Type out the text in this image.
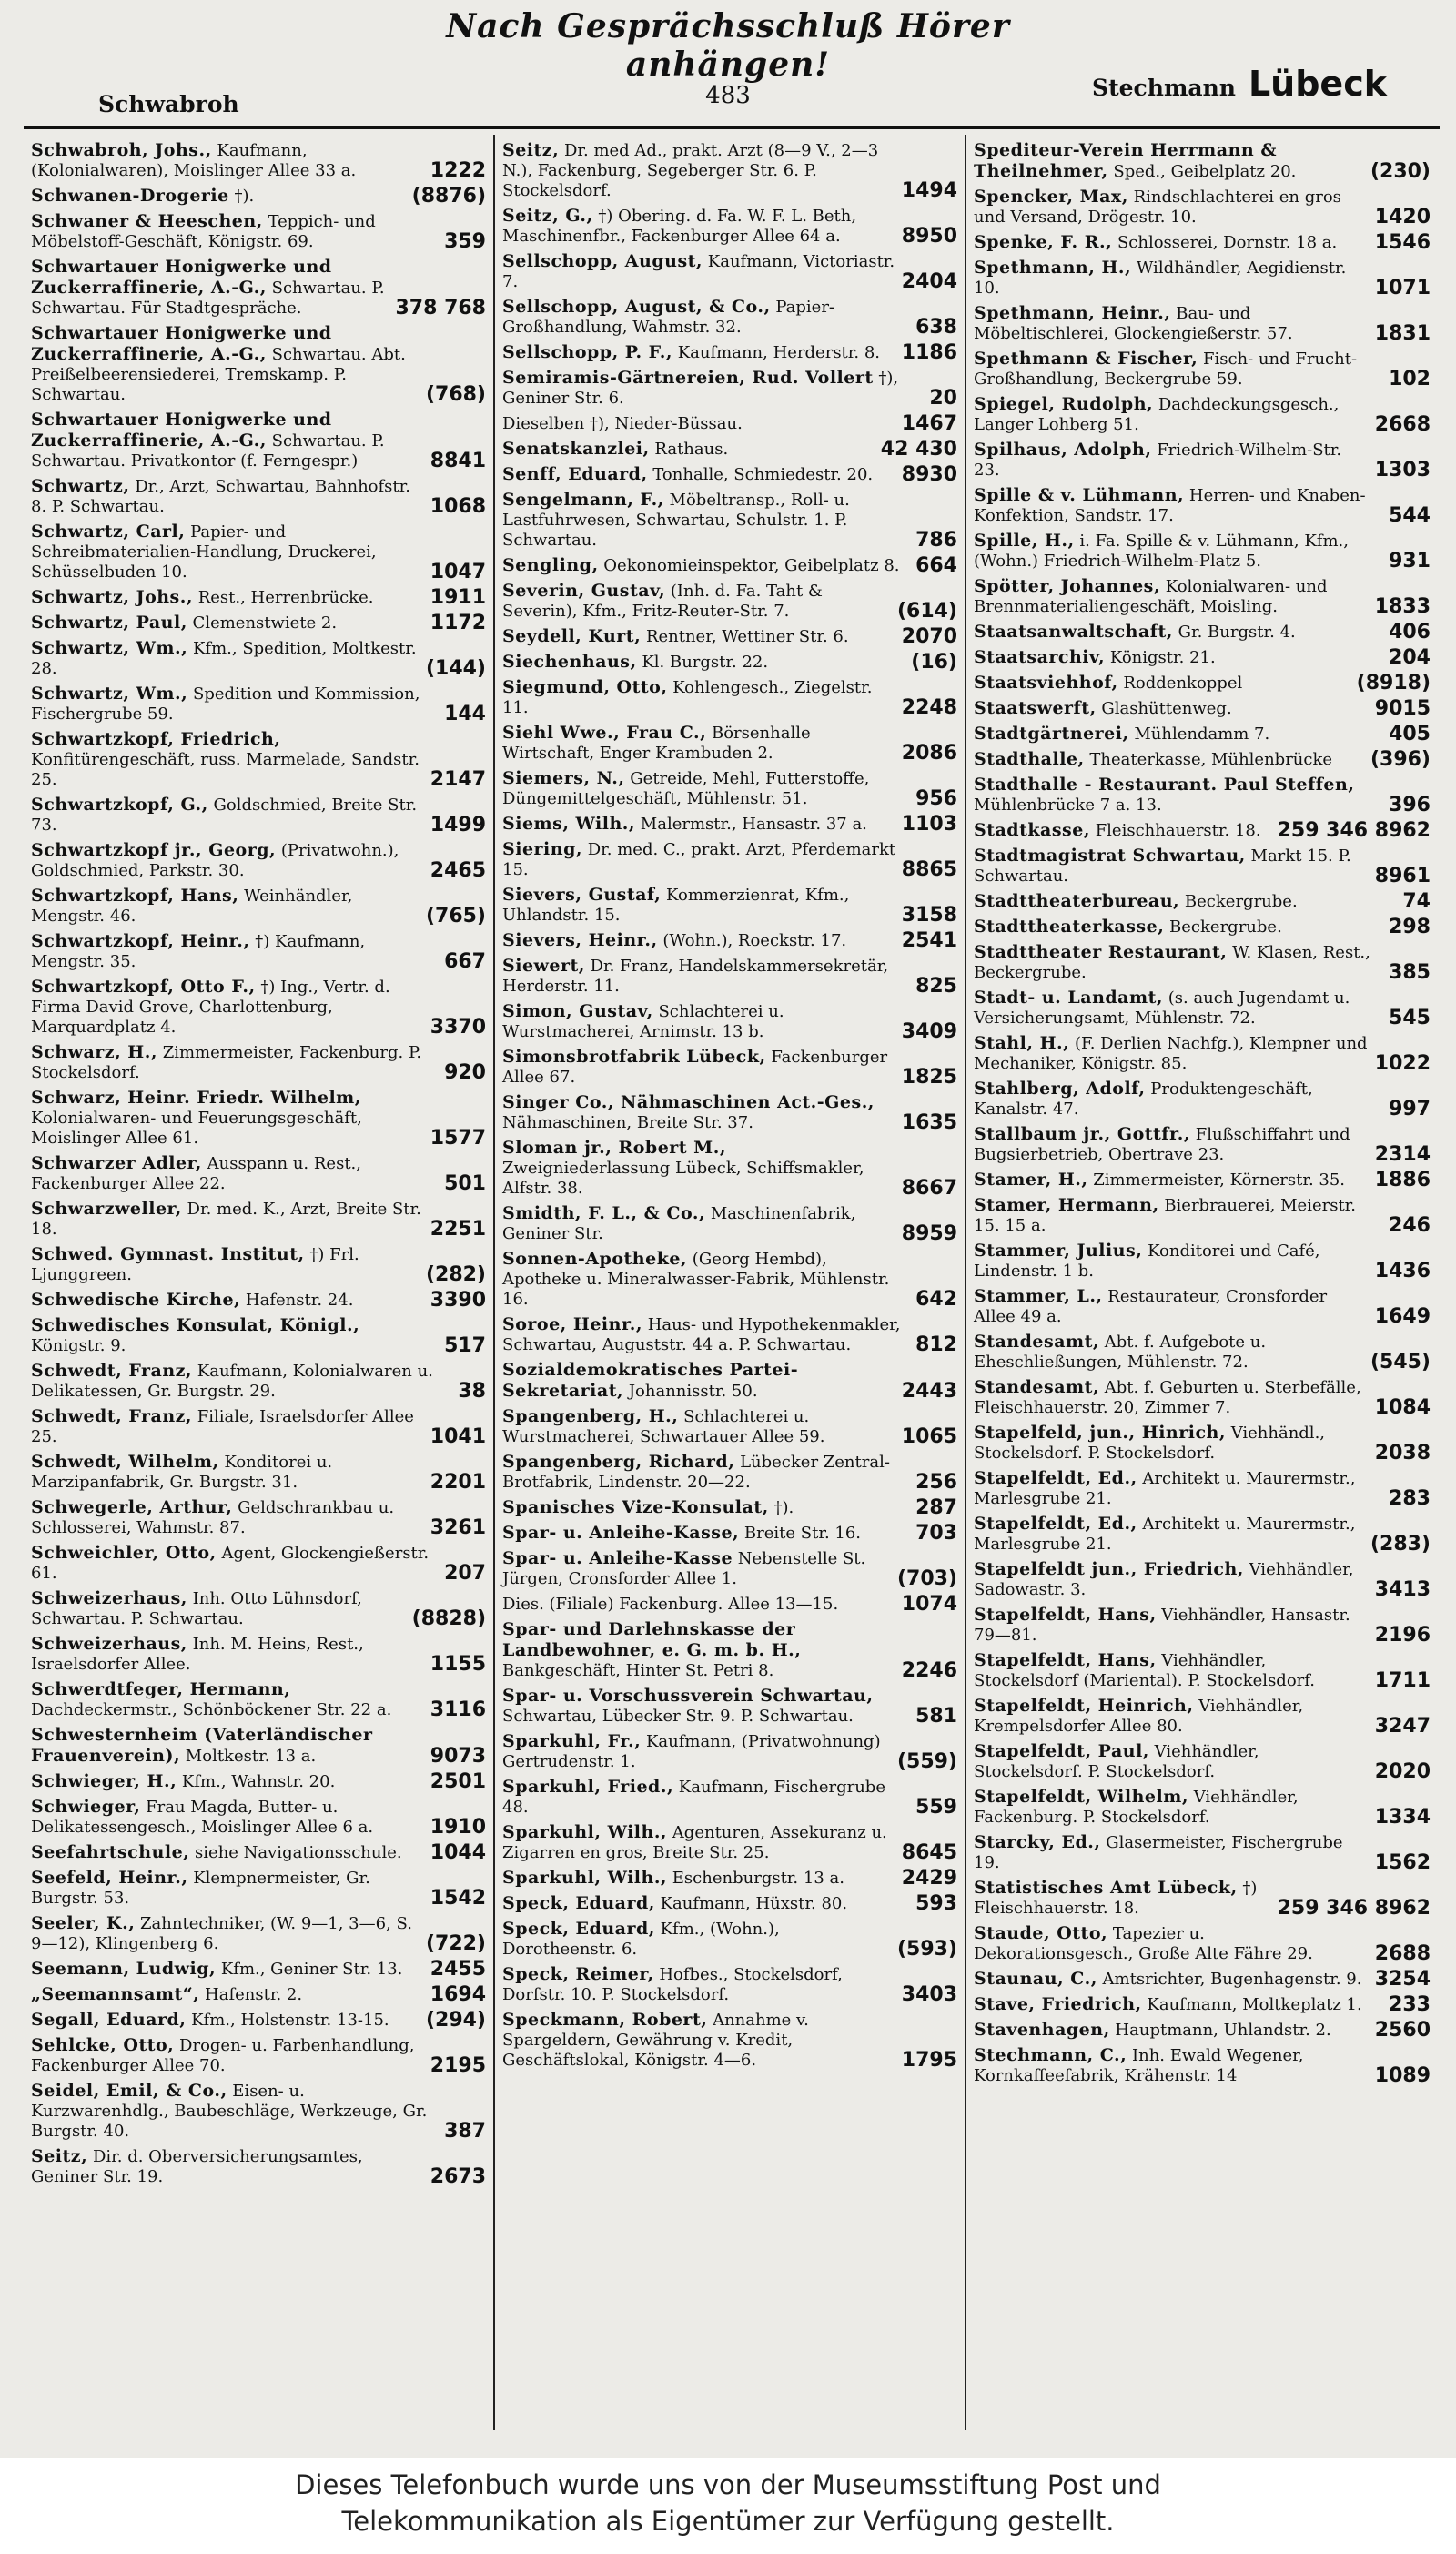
Nach Gesprächsschluß Hörer anhängen!
483
Schwabroh
Stechmann Lübeck
Schwabroh, Johs., Kaufmann, (Kolonialwaren), Moislinger Allee 33 a.	1222
Schwanen-Drogerie †).	(8876)
Schwaner & Heeschen, Teppich- und Möbelstoff-Geschäft, Königstr. 69.	359
Schwartauer Honigwerke und Zuckerraffinerie, A.-G., Schwartau. P. Schwartau. Für Stadtgespräche.	378 768
Schwartauer Honigwerke und Zuckerraffinerie, A.-G., Schwartau. Abt. Preißelbeerensiederei, Tremskamp. P. Schwartau.	(768)
Schwartauer Honigwerke und Zuckerraffinerie, A.-G., Schwartau. P. Schwartau. Privatkontor (f. Ferngespr.)	8841
Schwartz, Dr., Arzt, Schwartau, Bahnhofstr. 8. P. Schwartau.	1068
Schwartz, Carl, Papier- und Schreibmaterialien-Handlung, Druckerei, Schüsselbuden 10.	1047
Schwartz, Johs., Rest., Herrenbrücke.	1911
Schwartz, Paul, Clemenstwiete 2.	1172
Schwartz, Wm., Kfm., Spedition, Moltkestr. 28.	(144)
Schwartz, Wm., Spedition und Kommission, Fischergrube 59.	144
Schwartzkopf, Friedrich, Konfitürengeschäft, russ. Marmelade, Sandstr. 25.	2147
Schwartzkopf, G., Goldschmied, Breite Str. 73.	1499
Schwartzkopf jr., Georg, (Privatwohn.), Goldschmied, Parkstr. 30.	2465
Schwartzkopf, Hans, Weinhändler, Mengstr. 46.	(765)
Schwartzkopf, Heinr., †) Kaufmann, Mengstr. 35.	667
Schwartzkopf, Otto F., †) Ing., Vertr. d. Firma David Grove, Charlottenburg, Marquardplatz 4.	3370
Schwarz, H., Zimmermeister, Fackenburg. P. Stockelsdorf.	920
Schwarz, Heinr. Friedr. Wilhelm, Kolonialwaren- und Feuerungsgeschäft, Moislinger Allee 61.	1577
Schwarzer Adler, Ausspann u. Rest., Fackenburger Allee 22.	501
Schwarzweller, Dr. med. K., Arzt, Breite Str. 18.	2251
Schwed. Gymnast. Institut, †) Frl. Ljunggreen.	(282)
Schwedische Kirche, Hafenstr. 24.	3390
Schwedisches Konsulat, Königl., Königstr. 9.	517
Schwedt, Franz, Kaufmann, Kolonialwaren u. Delikatessen, Gr. Burgstr. 29.	38
Schwedt, Franz, Filiale, Israelsdorfer Allee 25.	1041
Schwedt, Wilhelm, Konditorei u. Marzipanfabrik, Gr. Burgstr. 31.	2201
Schwegerle, Arthur, Geldschrankbau u. Schlosserei, Wahmstr. 87.	3261
Schweichler, Otto, Agent, Glockengießerstr. 61.	207
Schweizerhaus, Inh. Otto Lühnsdorf, Schwartau. P. Schwartau.	(8828)
Schweizerhaus, Inh. M. Heins, Rest., Israelsdorfer Allee.	1155
Schwerdtfeger, Hermann, Dachdeckermstr., Schönböckener Str. 22 a.	3116
Schwesternheim (Vaterländischer Frauenverein), Moltkestr. 13 a.	9073
Schwieger, H., Kfm., Wahnstr. 20.	2501
Schwieger, Frau Magda, Butter- u. Delikatessengesch., Moislinger Allee 6 a.	1910
Seefahrtschule, siehe Navigationsschule.	1044
Seefeld, Heinr., Klempnermeister, Gr. Burgstr. 53.	1542
Seeler, K., Zahntechniker, (W. 9—1, 3—6, S. 9—12), Klingenberg 6.	(722)
Seemann, Ludwig, Kfm., Geniner Str. 13.	2455
„Seemannsamt“, Hafenstr. 2.	1694
Segall, Eduard, Kfm., Holstenstr. 13-15.	(294)
Sehlcke, Otto, Drogen- u. Farbenhandlung, Fackenburger Allee 70.	2195
Seidel, Emil, & Co., Eisen- u. Kurzwarenhdlg., Baubeschläge, Werkzeuge, Gr. Burgstr. 40.	387
Seitz, Dir. d. Oberversicherungsamtes, Geniner Str. 19.	2673
Seitz, Dr. med Ad., prakt. Arzt (8—9 V., 2—3 N.), Fackenburg, Segeberger Str. 6. P. Stockelsdorf.	1494
Seitz, G., †) Obering. d. Fa. W. F. L. Beth, Maschinenfbr., Fackenburger Allee 64 a.	8950
Sellschopp, August, Kaufmann, Victoriastr. 7.	2404
Sellschopp, August, & Co., Papier-Großhandlung, Wahmstr. 32.	638
Sellschopp, P. F., Kaufmann, Herderstr. 8.	1186
Semiramis-Gärtnereien, Rud. Vollert †), Geniner Str. 6.	20
Dieselben †), Nieder-Büssau.	1467
Senatskanzlei, Rathaus.	42 430
Senff, Eduard, Tonhalle, Schmiedestr. 20.	8930
Sengelmann, F., Möbeltransp., Roll- u. Lastfuhrwesen, Schwartau, Schulstr. 1. P. Schwartau.	786
Sengling, Oekonomieinspektor, Geibelplatz 8. 664
Severin, Gustav, (Inh. d. Fa. Taht & Severin), Kfm., Fritz-Reuter-Str. 7.	(614)
Seydell, Kurt, Rentner, Wettiner Str. 6.	2070
Siechenhaus, Kl. Burgstr. 22.	(16)
Siegmund, Otto, Kohlengesch., Ziegelstr. 11.	2248
Siehl Wwe., Frau C., Börsenhalle Wirtschaft, Enger Krambuden 2.	2086
Siemers, N., Getreide, Mehl, Futterstoffe, Düngemittelgeschäft, Mühlenstr. 51.	956
Siems, Wilh., Malermstr., Hansastr. 37 a.	1103
Siering, Dr. med. C., prakt. Arzt, Pferdemarkt 15.	8865
Sievers, Gustaf, Kommerzienrat, Kfm., Uhlandstr. 15.	3158
Sievers, Heinr., (Wohn.), Roeckstr. 17.	2541
Siewert, Dr. Franz, Handelskammersekretär, Herderstr. 11.	825
Simon, Gustav, Schlachterei u. Wurstmacherei, Arnimstr. 13 b.	3409
Simonsbrotfabrik Lübeck, Fackenburger Allee 67.	1825
Singer Co., Nähmaschinen Act.-Ges., Nähmaschinen, Breite Str. 37.	1635
Sloman jr., Robert M., Zweigniederlassung Lübeck, Schiffsmakler, Alfstr. 38.	8667
Smidth, F. L., & Co., Maschinenfabrik, Geniner Str.	8959
Sonnen-Apotheke, (Georg Hembd), Apotheke u. Mineralwasser-Fabrik, Mühlenstr. 16.	642
Soroe, Heinr., Haus- und Hypothekenmakler, Schwartau, Auguststr. 44 a. P. Schwartau.	812
Sozialdemokratisches Partei-Sekretariat, Johannisstr. 50.	2443
Spangenberg, H., Schlachterei u. Wurstmacherei, Schwartauer Allee 59.	1065
Spangenberg, Richard, Lübecker Zentral-Brotfabrik, Lindenstr. 20—22.	256
Spanisches Vize-Konsulat, †).	287
Spar- u. Anleihe-Kasse, Breite Str. 16.	703
Spar- u. Anleihe-Kasse Nebenstelle St. Jürgen, Cronsforder Allee 1.	(703)
Dies. (Filiale) Fackenburg. Allee 13—15.	1074
Spar- und Darlehnskasse der Landbewohner, e. G. m. b. H., Bankgeschäft, Hinter St. Petri 8.	2246
Spar- u. Vorschussverein Schwartau, Schwartau, Lübecker Str. 9. P. Schwartau.	581
Sparkuhl, Fr., Kaufmann, (Privatwohnung) Gertrudenstr. 1.	(559)
Sparkuhl, Fried., Kaufmann, Fischergrube 48.	559
Sparkuhl, Wilh., Agenturen, Assekuranz u. Zigarren en gros, Breite Str. 25.	8645
Sparkuhl, Wilh., Eschenburgstr. 13 a.	2429
Speck, Eduard, Kaufmann, Hüxstr. 80.	593
Speck, Eduard, Kfm., (Wohn.), Dorotheenstr. 6.	(593)
Speck, Reimer, Hofbes., Stockelsdorf, Dorfstr. 10. P. Stockelsdorf.	3403
Speckmann, Robert, Annahme v. Spargeldern, Gewährung v. Kredit, Geschäftslokal, Königstr. 4—6.	1795
Spediteur-Verein Herrmann & Theilnehmer, Sped., Geibelplatz 20.	(230)
Spencker, Max, Rindschlachterei en gros und Versand, Drögestr. 10.	1420
Spenke, F. R., Schlosserei, Dornstr. 18 a.	1546
Spethmann, H., Wildhändler, Aegidienstr. 10.	1071
Spethmann, Heinr., Bau- und Möbeltischlerei, Glockengießerstr. 57.	1831
Spethmann & Fischer, Fisch- und Frucht-Großhandlung, Beckergrube 59.	102
Spiegel, Rudolph, Dachdeckungsgesch., Langer Lohberg 51.	2668
Spilhaus, Adolph, Friedrich-Wilhelm-Str. 23.	1303
Spille & v. Lühmann, Herren- und Knaben-Konfektion, Sandstr. 17.	544
Spille, H., i. Fa. Spille & v. Lühmann, Kfm., (Wohn.) Friedrich-Wilhelm-Platz 5.	931
Spötter, Johannes, Kolonialwaren- und Brennmaterialiengeschäft, Moisling.	1833
Staatsanwaltschaft, Gr. Burgstr. 4.	406
Staatsarchiv, Königstr. 21.	204
Staatsviehhof, Roddenkoppel	(8918)
Staatswerft, Glashüttenweg.	9015
Stadtgärtnerei, Mühlendamm 7.	405
Stadthalle, Theaterkasse, Mühlenbrücke	(396)
Stadthalle - Restaurant. Paul Steffen, Mühlenbrücke 7 a. 13.	396
Stadtkasse, Fleischhauerstr. 18. 259 346 8962
Stadtmagistrat Schwartau, Markt 15. P. Schwartau.	8961
Stadttheaterbureau, Beckergrube.	74
Stadttheaterkasse, Beckergrube.	298
Stadttheater Restaurant, W. Klasen, Rest., Beckergrube.	385
Stadt- u. Landamt, (s. auch Jugendamt u. Versicherungsamt, Mühlenstr. 72.	545
Stahl, H., (F. Derlien Nachfg.), Klempner und Mechaniker, Königstr. 85.	1022
Stahlberg, Adolf, Produktengeschäft, Kanalstr. 47.	997
Stallbaum jr., Gottfr., Flußschiffahrt und Bugsierbetrieb, Obertrave 23.	2314
Stamer, H., Zimmermeister, Körnerstr. 35.	1886
Stamer, Hermann, Bierbrauerei, Meierstr. 15. 15 a.	246
Stammer, Julius, Konditorei und Café, Lindenstr. 1 b.	1436
Stammer, L., Restaurateur, Cronsforder Allee 49 a.	1649
Standesamt, Abt. f. Aufgebote u. Eheschließungen, Mühlenstr. 72.	(545)
Standesamt, Abt. f. Geburten u. Sterbefälle, Fleischhauerstr. 20, Zimmer 7.	1084
Stapelfeld, jun., Hinrich, Viehhändl., Stockelsdorf. P. Stockelsdorf.	2038
Stapelfeldt, Ed., Architekt u. Maurermstr., Marlesgrube 21.	283
Stapelfeldt, Ed., Architekt u. Maurermstr., Marlesgrube 21.	(283)
Stapelfeldt jun., Friedrich, Viehhändler, Sadowastr. 3.	3413
Stapelfeldt, Hans, Viehhändler, Hansastr. 79—81.	2196
Stapelfeldt, Hans, Viehhändler, Stockelsdorf (Mariental). P. Stockelsdorf.	1711
Stapelfeldt, Heinrich, Viehhändler, Krempelsdorfer Allee 80.	3247
Stapelfeldt, Paul, Viehhändler, Stockelsdorf. P. Stockelsdorf.	2020
Stapelfeldt, Wilhelm, Viehhändler, Fackenburg. P. Stockelsdorf.	1334
Starcky, Ed., Glasermeister, Fischergrube 19.	1562
Statistisches Amt Lübeck, †) Fleischhauerstr. 18.	259 346 8962
Staude, Otto, Tapezier u. Dekorationsgesch., Große Alte Fähre 29.	2688
Staunau, C., Amtsrichter, Bugenhagenstr. 9. 3254
Stave, Friedrich, Kaufmann, Moltkeplatz 1.	233
Stavenhagen, Hauptmann, Uhlandstr. 2.	2560
Stechmann, C., Inh. Ewald Wegener, Kornkaffeefabrik, Krähenstr. 14	1089
Dieses Telefonbuch wurde uns von der Museumsstiftung Post und
Telekommunikation als Eigentümer zur Verfügung gestellt.
